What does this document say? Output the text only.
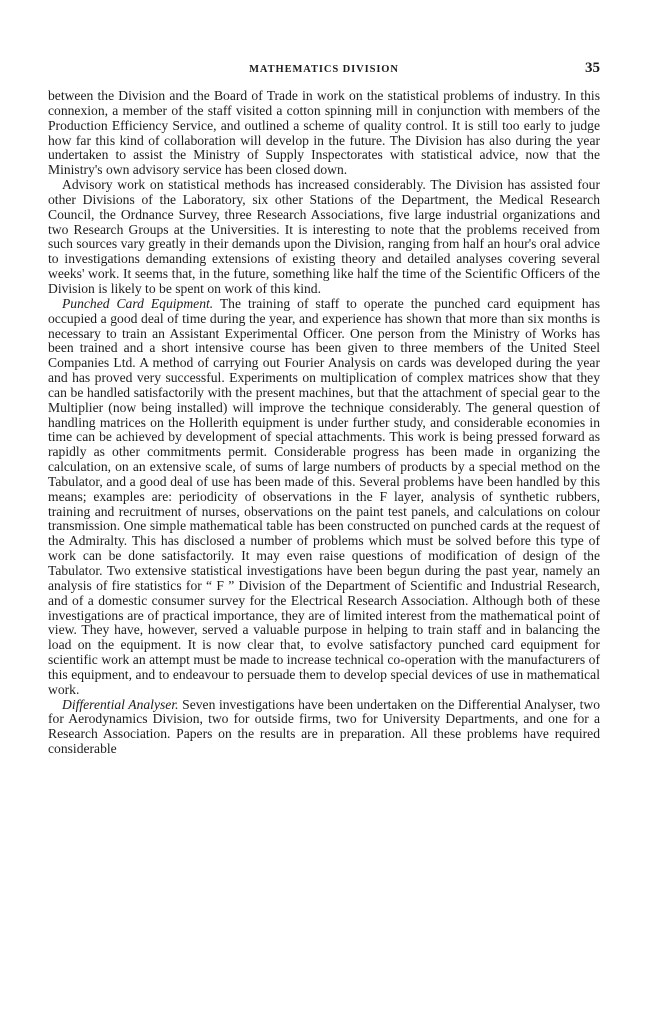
MATHEMATICS DIVISION	35

between the Division and the Board of Trade in work on the statistical problems of industry. In this connexion, a member of the staff visited a cotton spinning mill in conjunction with members of the Production Efficiency Service, and outlined a scheme of quality control. It is still too early to judge how far this kind of collaboration will develop in the future. The Division has also during the year undertaken to assist the Ministry of Supply Inspectorates with statistical advice, now that the Ministry's own advisory service has been closed down.

Advisory work on statistical methods has increased considerably. The Division has assisted four other Divisions of the Laboratory, six other Stations of the Department, the Medical Research Council, the Ordnance Survey, three Research Associations, five large industrial organizations and two Research Groups at the Universities. It is interesting to note that the problems received from such sources vary greatly in their demands upon the Division, ranging from half an hour's oral advice to investigations demanding extensions of existing theory and detailed analyses covering several weeks' work. It seems that, in the future, something like half the time of the Scientific Officers of the Division is likely to be spent on work of this kind.

Punched Card Equipment. The training of staff to operate the punched card equipment has occupied a good deal of time during the year, and experience has shown that more than six months is necessary to train an Assistant Experimental Officer. One person from the Ministry of Works has been trained and a short intensive course has been given to three members of the United Steel Companies Ltd. A method of carrying out Fourier Analysis on cards was developed during the year and has proved very successful. Experiments on multiplication of complex matrices show that they can be handled satisfactorily with the present machines, but that the attachment of special gear to the Multiplier (now being installed) will improve the technique considerably. The general question of handling matrices on the Hollerith equipment is under further study, and considerable economies in time can be achieved by development of special attachments. This work is being pressed forward as rapidly as other commitments permit. Considerable progress has been made in organizing the calculation, on an extensive scale, of sums of large numbers of products by a special method on the Tabulator, and a good deal of use has been made of this. Several problems have been handled by this means; examples are: periodicity of observations in the F layer, analysis of synthetic rubbers, training and recruitment of nurses, observations on the paint test panels, and calculations on colour transmission. One simple mathematical table has been constructed on punched cards at the request of the Admiralty. This has disclosed a number of problems which must be solved before this type of work can be done satisfactorily. It may even raise questions of modification of design of the Tabulator. Two extensive statistical investigations have been begun during the past year, namely an analysis of fire statistics for “ F ” Division of the Department of Scientific and Industrial Research, and of a domestic consumer survey for the Electrical Research Association. Although both of these investigations are of practical importance, they are of limited interest from the mathematical point of view. They have, however, served a valuable purpose in helping to train staff and in balancing the load on the equipment. It is now clear that, to evolve satisfactory punched card equipment for scientific work an attempt must be made to increase technical co-operation with the manufacturers of this equipment, and to endeavour to persuade them to develop special devices of use in mathematical work.

Differential Analyser. Seven investigations have been undertaken on the Differential Analyser, two for Aerodynamics Division, two for outside firms, two for University Departments, and one for a Research Association. Papers on the results are in preparation. All these problems have required considerable
